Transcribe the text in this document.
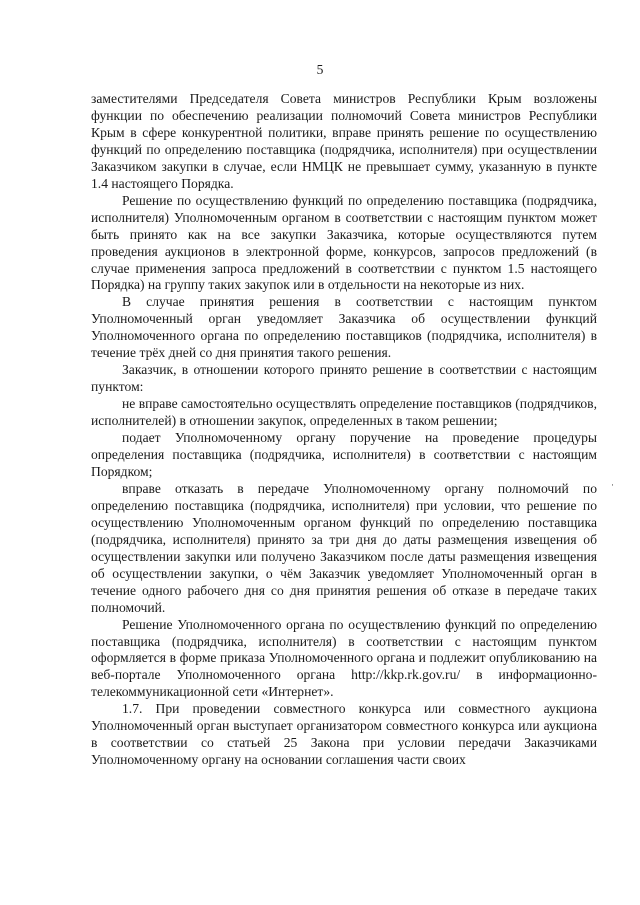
5

заместителями Председателя Совета министров Республики Крым возложены функции по обеспечению реализации полномочий Совета министров Республики Крым в сфере конкурентной политики, вправе принять решение по осуществлению функций по определению поставщика (подрядчика, исполнителя) при осуществлении Заказчиком закупки в случае, если НМЦК не превышает сумму, указанную в пункте 1.4 настоящего Порядка.

Решение по осуществлению функций по определению поставщика (подрядчика, исполнителя) Уполномоченным органом в соответствии с настоящим пунктом может быть принято как на все закупки Заказчика, которые осуществляются путем проведения аукционов в электронной форме, конкурсов, запросов предложений (в случае применения запроса предложений в соответствии с пунктом 1.5 настоящего Порядка) на группу таких закупок или в отдельности на некоторые из них.

В случае принятия решения в соответствии с настоящим пунктом Уполномоченный орган уведомляет Заказчика об осуществлении функций Уполномоченного органа по определению поставщиков (подрядчика, исполнителя) в течение трёх дней со дня принятия такого решения.

Заказчик, в отношении которого принято решение в соответствии с настоящим пунктом:

не вправе самостоятельно осуществлять определение поставщиков (подрядчиков, исполнителей) в отношении закупок, определенных в таком решении;

подает Уполномоченному органу поручение на проведение процедуры определения поставщика (подрядчика, исполнителя) в соответствии с настоящим Порядком;

вправе отказать в передаче Уполномоченному органу полномочий по определению поставщика (подрядчика, исполнителя) при условии, что решение по осуществлению Уполномоченным органом функций по определению поставщика (подрядчика, исполнителя) принято за три дня до даты размещения извещения об осуществлении закупки или получено Заказчиком после даты размещения извещения об осуществлении закупки, о чём Заказчик уведомляет Уполномоченный орган в течение одного рабочего дня со дня принятия решения об отказе в передаче таких полномочий.

Решение Уполномоченного органа по осуществлению функций по определению поставщика (подрядчика, исполнителя) в соответствии с настоящим пунктом оформляется в форме приказа Уполномоченного органа и подлежит опубликованию на веб-портале Уполномоченного органа http://kkp.rk.gov.ru/ в информационно-телекоммуникационной сети «Интернет».

1.7. При проведении совместного конкурса или совместного аукциона Уполномоченный орган выступает организатором совместного конкурса или аукциона в соответствии со статьей 25 Закона при условии передачи Заказчиками Уполномоченному органу на основании соглашения части своих

·
